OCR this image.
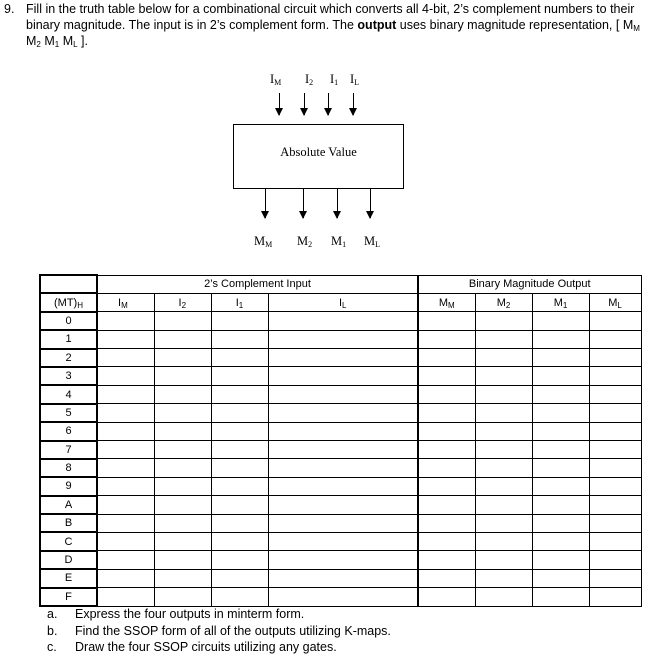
9. Fill in the truth table below for a combinational circuit which converts all 4-bit, 2’s complement numbers to their binary magnitude. The input is in 2’s complement form. The output uses binary magnitude representation, [ $M_M$ $M_2$ $M_1$ $M_L$ ].
$I_M$ $I_2$ $I_1$ $I_L$
Absolute Value
$M_M$ $M_2$ $M_1$ $M_L$
	2’s Complement Input				Binary Magnitude Output			
$(MT)_H$	$I_M$	$I_2$	$I_1$	$I_L$	$M_M$	$M_2$	$M_1$	$M_L$
0								
1								
2								
3								
4								
5								
6								
7								
8								
9								
A								
B								
C								
D								
E								
F								
a. Express the four outputs in minterm form.
b. Find the SSOP form of all of the outputs utilizing K-maps.
c. Draw the four SSOP circuits utilizing any gates.
